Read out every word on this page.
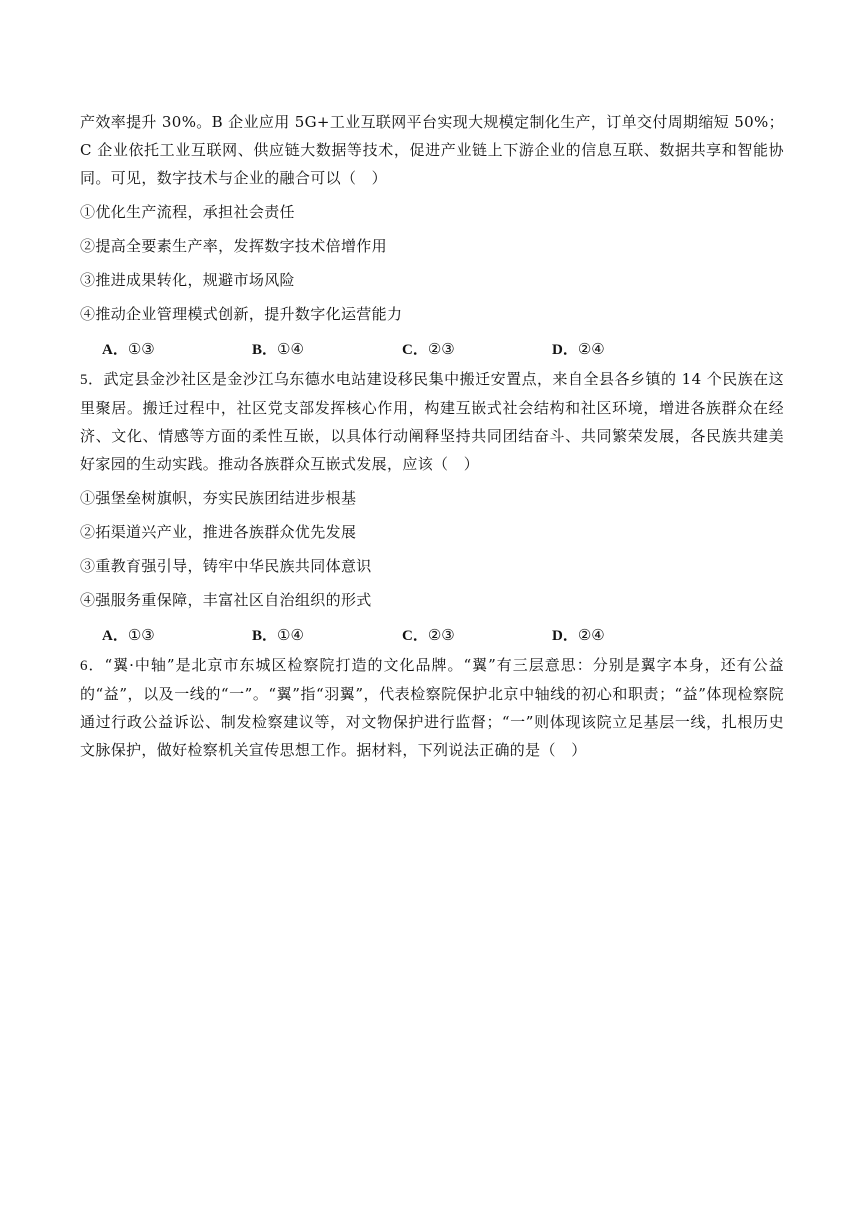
产效率提升 30%。B 企业应用 5G+工业互联网平台实现大规模定制化生产，订单交付周期缩短 50%；C 企业依托工业互联网、供应链大数据等技术，促进产业链上下游企业的信息互联、数据共享和智能协同。可见，数字技术与企业的融合可以（　）

①优化生产流程，承担社会责任

②提高全要素生产率，发挥数字技术倍增作用

③推进成果转化，规避市场风险

④推动企业管理模式创新，提升数字化运营能力

A．①③	B．①④	C．②③	D．②④

5．武定县金沙社区是金沙江乌东德水电站建设移民集中搬迁安置点，来自全县各乡镇的 14 个民族在这里聚居。搬迁过程中，社区党支部发挥核心作用，构建互嵌式社会结构和社区环境，增进各族群众在经济、文化、情感等方面的柔性互嵌，以具体行动阐释坚持共同团结奋斗、共同繁荣发展，各民族共建美好家园的生动实践。推动各族群众互嵌式发展，应该（　）

①强堡垒树旗帜，夯实民族团结进步根基

②拓渠道兴产业，推进各族群众优先发展

③重教育强引导，铸牢中华民族共同体意识

④强服务重保障，丰富社区自治组织的形式

A．①③	B．①④	C．②③	D．②④

6．“翼·中轴”是北京市东城区检察院打造的文化品牌。“翼”有三层意思：分别是翼字本身，还有公益的“益”，以及一线的“一”。“翼”指“羽翼”，代表检察院保护北京中轴线的初心和职责；“益”体现检察院通过行政公益诉讼、制发检察建议等，对文物保护进行监督；“一”则体现该院立足基层一线，扎根历史文脉保护，做好检察机关宣传思想工作。据材料，下列说法正确的是（　）
